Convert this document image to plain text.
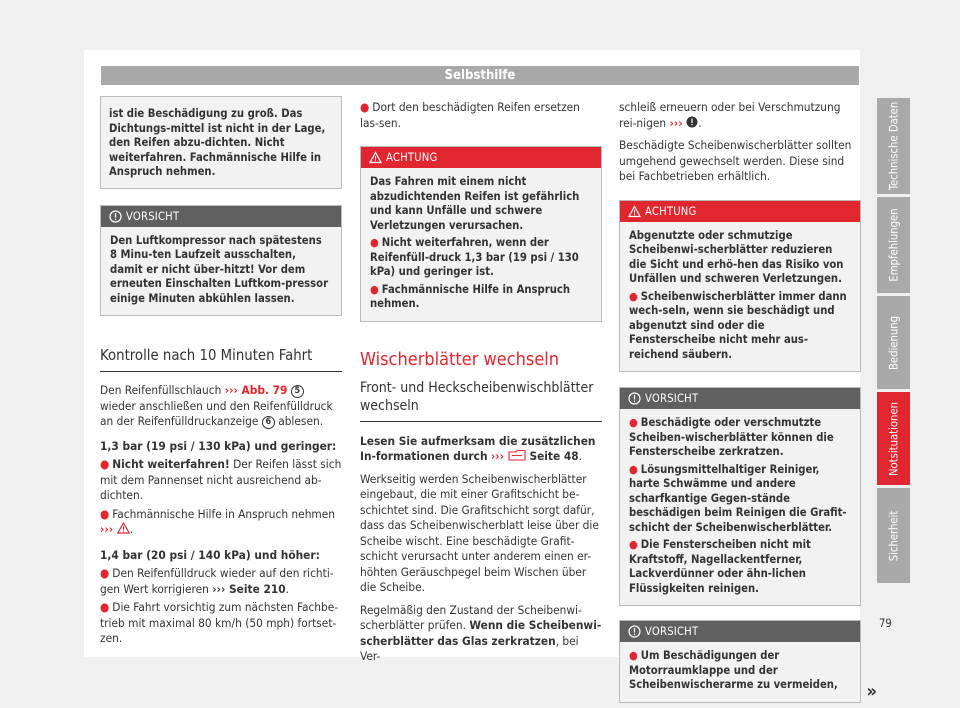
Selbsthilfe
ist die Beschädigung zu groß. Das Dichtungs-mittel ist nicht in der Lage, den Reifen abzu-dichten. Nicht weiterfahren. Fachmännische Hilfe in Anspruch nehmen.
VORSICHT
Den Luftkompressor nach spätestens 8 Minu-ten Laufzeit ausschalten, damit er nicht über-hitzt! Vor dem erneuten Einschalten Luftkom-pressor einige Minuten abkühlen lassen.
Kontrolle nach 10 Minuten Fahrt

Den Reifenfüllschlauch ››› Abb. 79 5 wieder anschließen und den Reifenfülldruck an der Reifenfülldruckanzeige 6 ablesen.

1,3 bar (19 psi / 130 kPa) und geringer:

● Nicht weiterfahren! Der Reifen lässt sich mit dem Pannenset nicht ausreichend ab-dichten.

● Fachmännische Hilfe in Anspruch nehmen
››› .

1,4 bar (20 psi / 140 kPa) und höher:

● Den Reifenfülldruck wieder auf den richti-gen Wert korrigieren ››› Seite 210.

● Die Fahrt vorsichtig zum nächsten Fachbe-trieb mit maximal 80 km/h (50 mph) fortset-zen.

● Dort den beschädigten Reifen ersetzen las-sen.

ACHTUNG
Das Fahren mit einem nicht abzudichtenden Reifen ist gefährlich und kann Unfälle und schwere Verletzungen verursachen.
● Nicht weiterfahren, wenn der Reifenfüll-druck 1,3 bar (19 psi / 130 kPa) und geringer ist.
● Fachmännische Hilfe in Anspruch nehmen.
Wischerblätter wechseln
Front- und Heckscheibenwischblätter wechseln

Lesen Sie aufmerksam die zusätzlichen In-formationen durch ››› Seite 48.

Werkseitig werden Scheibenwischerblätter eingebaut, die mit einer Grafitschicht be-schichtet sind. Die Grafitschicht sorgt dafür, dass das Scheibenwischerblatt leise über die Scheibe wischt. Eine beschädigte Grafit-schicht verursacht unter anderem einen er-höhten Geräuschpegel beim Wischen über die Scheibe.

Regelmäßig den Zustand der Scheibenwi-scherblätter prüfen. Wenn die Scheibenwi-scherblätter das Glas zerkratzen, bei Ver-

schleiß erneuern oder bei Verschmutzung rei-nigen ››› .

Beschädigte Scheibenwischerblätter sollten umgehend gewechselt werden. Diese sind bei Fachbetrieben erhältlich.

ACHTUNG
Abgenutzte oder schmutzige Scheibenwi-scherblätter reduzieren die Sicht und erhö-hen das Risiko von Unfällen und schweren Verletzungen.
● Scheibenwischerblätter immer dann wech-seln, wenn sie beschädigt und abgenutzt sind oder die Fensterscheibe nicht mehr aus-reichend säubern.
VORSICHT
● Beschädigte oder verschmutzte Scheiben-wischerblätter können die Fensterscheibe zerkratzen.
● Lösungsmittelhaltiger Reiniger, harte Schwämme und andere scharfkantige Gegen-stände beschädigen beim Reinigen die Grafit-schicht der Scheibenwischerblätter.
● Die Fensterscheiben nicht mit Kraftstoff, Nagellackentferner, Lackverdünner oder ähn-lichen Flüssigkeiten reinigen.
VORSICHT
● Um Beschädigungen der Motorraumklappe und der Scheibenwischerarme zu vermeiden, »
Technische Daten
Empfehlungen
Bedienung
Notsituationen
Sicherheit
79
